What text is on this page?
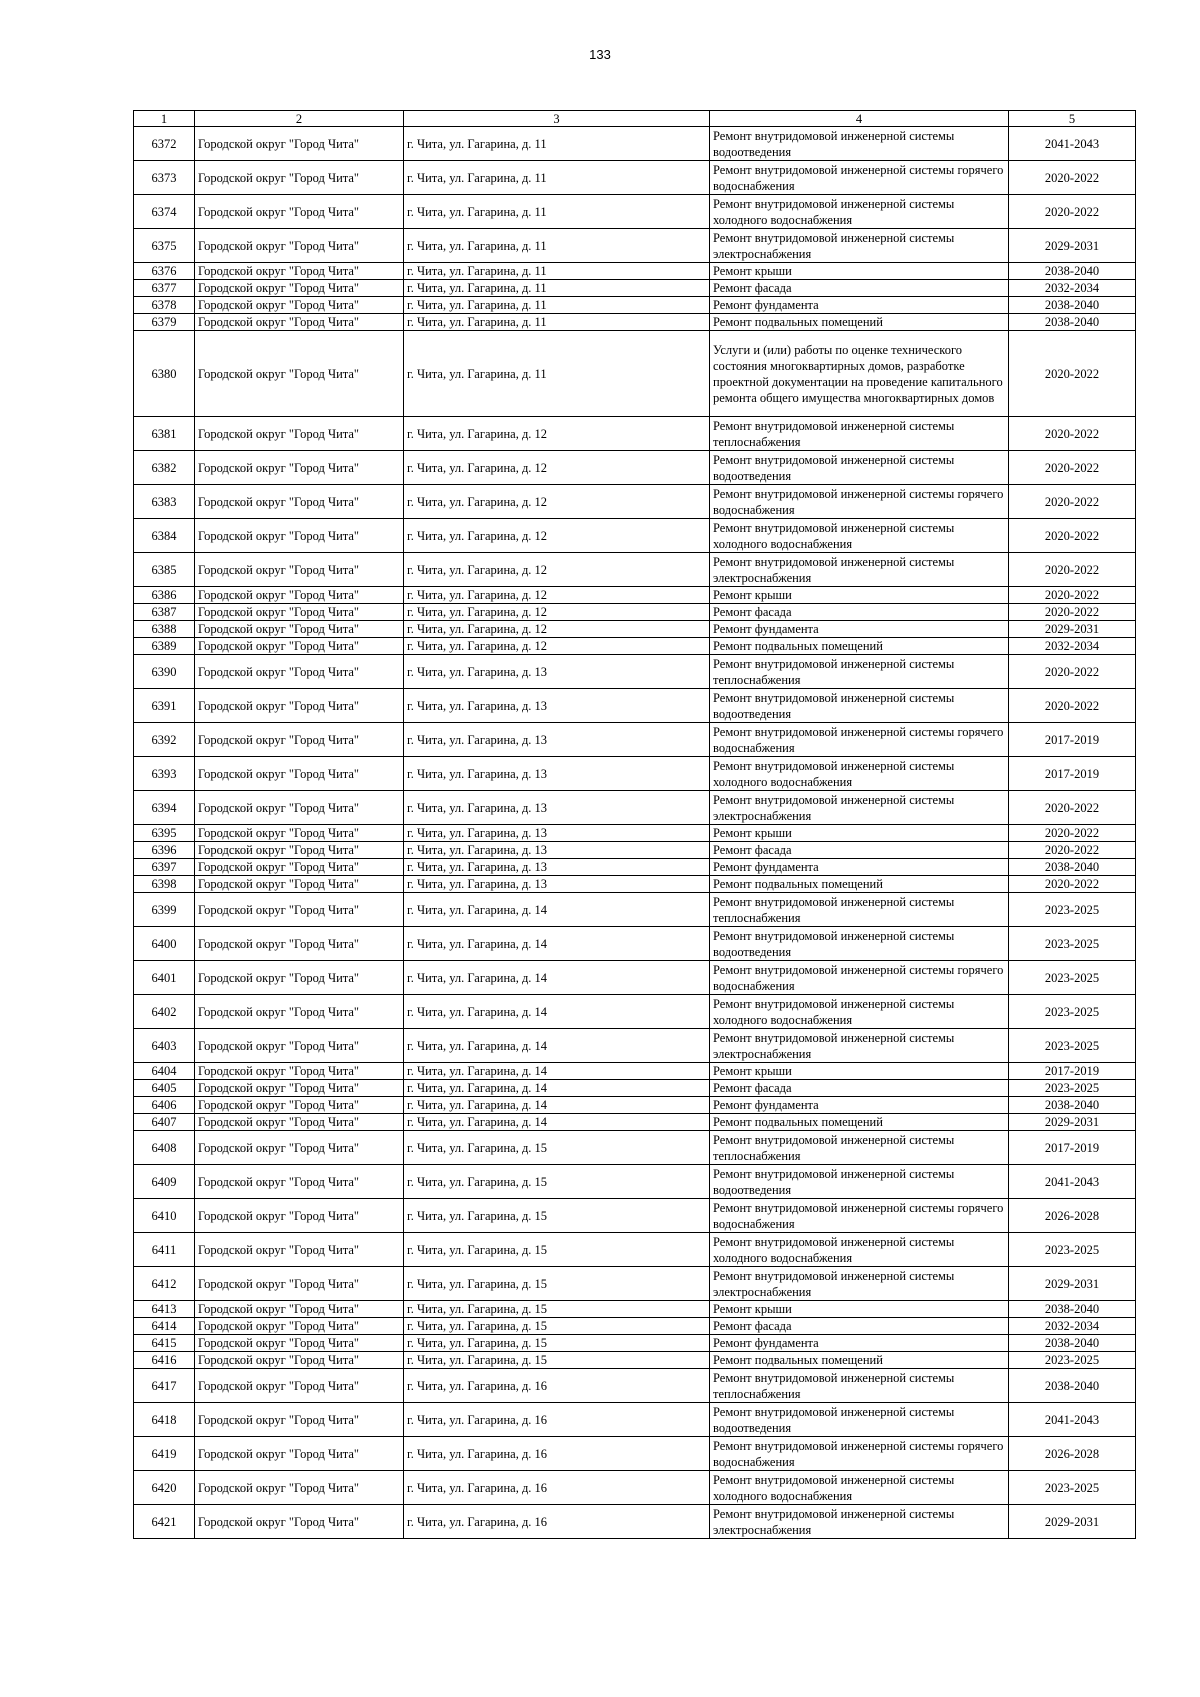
133
1	2	3	4	5
6372	Городской округ "Город Чита"	г. Чита, ул. Гагарина, д. 11	Ремонт внутридомовой инженерной системы водоотведения	2041-2043
6373	Городской округ "Город Чита"	г. Чита, ул. Гагарина, д. 11	Ремонт внутридомовой инженерной системы горячего водоснабжения	2020-2022
6374	Городской округ "Город Чита"	г. Чита, ул. Гагарина, д. 11	Ремонт внутридомовой инженерной системы холодного водоснабжения	2020-2022
6375	Городской округ "Город Чита"	г. Чита, ул. Гагарина, д. 11	Ремонт внутридомовой инженерной системы электроснабжения	2029-2031
6376	Городской округ "Город Чита"	г. Чита, ул. Гагарина, д. 11	Ремонт крыши	2038-2040
6377	Городской округ "Город Чита"	г. Чита, ул. Гагарина, д. 11	Ремонт фасада	2032-2034
6378	Городской округ "Город Чита"	г. Чита, ул. Гагарина, д. 11	Ремонт фундамента	2038-2040
6379	Городской округ "Город Чита"	г. Чита, ул. Гагарина, д. 11	Ремонт подвальных помещений	2038-2040
6380	Городской округ "Город Чита"	г. Чита, ул. Гагарина, д. 11	Услуги и (или) работы по оценке технического состояния многоквартирных домов, разработке проектной документации на проведение капитального ремонта общего имущества многоквартирных домов	2020-2022
6381	Городской округ "Город Чита"	г. Чита, ул. Гагарина, д. 12	Ремонт внутридомовой инженерной системы теплоснабжения	2020-2022
6382	Городской округ "Город Чита"	г. Чита, ул. Гагарина, д. 12	Ремонт внутридомовой инженерной системы водоотведения	2020-2022
6383	Городской округ "Город Чита"	г. Чита, ул. Гагарина, д. 12	Ремонт внутридомовой инженерной системы горячего водоснабжения	2020-2022
6384	Городской округ "Город Чита"	г. Чита, ул. Гагарина, д. 12	Ремонт внутридомовой инженерной системы холодного водоснабжения	2020-2022
6385	Городской округ "Город Чита"	г. Чита, ул. Гагарина, д. 12	Ремонт внутридомовой инженерной системы электроснабжения	2020-2022
6386	Городской округ "Город Чита"	г. Чита, ул. Гагарина, д. 12	Ремонт крыши	2020-2022
6387	Городской округ "Город Чита"	г. Чита, ул. Гагарина, д. 12	Ремонт фасада	2020-2022
6388	Городской округ "Город Чита"	г. Чита, ул. Гагарина, д. 12	Ремонт фундамента	2029-2031
6389	Городской округ "Город Чита"	г. Чита, ул. Гагарина, д. 12	Ремонт подвальных помещений	2032-2034
6390	Городской округ "Город Чита"	г. Чита, ул. Гагарина, д. 13	Ремонт внутридомовой инженерной системы теплоснабжения	2020-2022
6391	Городской округ "Город Чита"	г. Чита, ул. Гагарина, д. 13	Ремонт внутридомовой инженерной системы водоотведения	2020-2022
6392	Городской округ "Город Чита"	г. Чита, ул. Гагарина, д. 13	Ремонт внутридомовой инженерной системы горячего водоснабжения	2017-2019
6393	Городской округ "Город Чита"	г. Чита, ул. Гагарина, д. 13	Ремонт внутридомовой инженерной системы холодного водоснабжения	2017-2019
6394	Городской округ "Город Чита"	г. Чита, ул. Гагарина, д. 13	Ремонт внутридомовой инженерной системы электроснабжения	2020-2022
6395	Городской округ "Город Чита"	г. Чита, ул. Гагарина, д. 13	Ремонт крыши	2020-2022
6396	Городской округ "Город Чита"	г. Чита, ул. Гагарина, д. 13	Ремонт фасада	2020-2022
6397	Городской округ "Город Чита"	г. Чита, ул. Гагарина, д. 13	Ремонт фундамента	2038-2040
6398	Городской округ "Город Чита"	г. Чита, ул. Гагарина, д. 13	Ремонт подвальных помещений	2020-2022
6399	Городской округ "Город Чита"	г. Чита, ул. Гагарина, д. 14	Ремонт внутридомовой инженерной системы теплоснабжения	2023-2025
6400	Городской округ "Город Чита"	г. Чита, ул. Гагарина, д. 14	Ремонт внутридомовой инженерной системы водоотведения	2023-2025
6401	Городской округ "Город Чита"	г. Чита, ул. Гагарина, д. 14	Ремонт внутридомовой инженерной системы горячего водоснабжения	2023-2025
6402	Городской округ "Город Чита"	г. Чита, ул. Гагарина, д. 14	Ремонт внутридомовой инженерной системы холодного водоснабжения	2023-2025
6403	Городской округ "Город Чита"	г. Чита, ул. Гагарина, д. 14	Ремонт внутридомовой инженерной системы электроснабжения	2023-2025
6404	Городской округ "Город Чита"	г. Чита, ул. Гагарина, д. 14	Ремонт крыши	2017-2019
6405	Городской округ "Город Чита"	г. Чита, ул. Гагарина, д. 14	Ремонт фасада	2023-2025
6406	Городской округ "Город Чита"	г. Чита, ул. Гагарина, д. 14	Ремонт фундамента	2038-2040
6407	Городской округ "Город Чита"	г. Чита, ул. Гагарина, д. 14	Ремонт подвальных помещений	2029-2031
6408	Городской округ "Город Чита"	г. Чита, ул. Гагарина, д. 15	Ремонт внутридомовой инженерной системы теплоснабжения	2017-2019
6409	Городской округ "Город Чита"	г. Чита, ул. Гагарина, д. 15	Ремонт внутридомовой инженерной системы водоотведения	2041-2043
6410	Городской округ "Город Чита"	г. Чита, ул. Гагарина, д. 15	Ремонт внутридомовой инженерной системы горячего водоснабжения	2026-2028
6411	Городской округ "Город Чита"	г. Чита, ул. Гагарина, д. 15	Ремонт внутридомовой инженерной системы холодного водоснабжения	2023-2025
6412	Городской округ "Город Чита"	г. Чита, ул. Гагарина, д. 15	Ремонт внутридомовой инженерной системы электроснабжения	2029-2031
6413	Городской округ "Город Чита"	г. Чита, ул. Гагарина, д. 15	Ремонт крыши	2038-2040
6414	Городской округ "Город Чита"	г. Чита, ул. Гагарина, д. 15	Ремонт фасада	2032-2034
6415	Городской округ "Город Чита"	г. Чита, ул. Гагарина, д. 15	Ремонт фундамента	2038-2040
6416	Городской округ "Город Чита"	г. Чита, ул. Гагарина, д. 15	Ремонт подвальных помещений	2023-2025
6417	Городской округ "Город Чита"	г. Чита, ул. Гагарина, д. 16	Ремонт внутридомовой инженерной системы теплоснабжения	2038-2040
6418	Городской округ "Город Чита"	г. Чита, ул. Гагарина, д. 16	Ремонт внутридомовой инженерной системы водоотведения	2041-2043
6419	Городской округ "Город Чита"	г. Чита, ул. Гагарина, д. 16	Ремонт внутридомовой инженерной системы горячего водоснабжения	2026-2028
6420	Городской округ "Город Чита"	г. Чита, ул. Гагарина, д. 16	Ремонт внутридомовой инженерной системы холодного водоснабжения	2023-2025
6421	Городской округ "Город Чита"	г. Чита, ул. Гагарина, д. 16	Ремонт внутридомовой инженерной системы электроснабжения	2029-2031
